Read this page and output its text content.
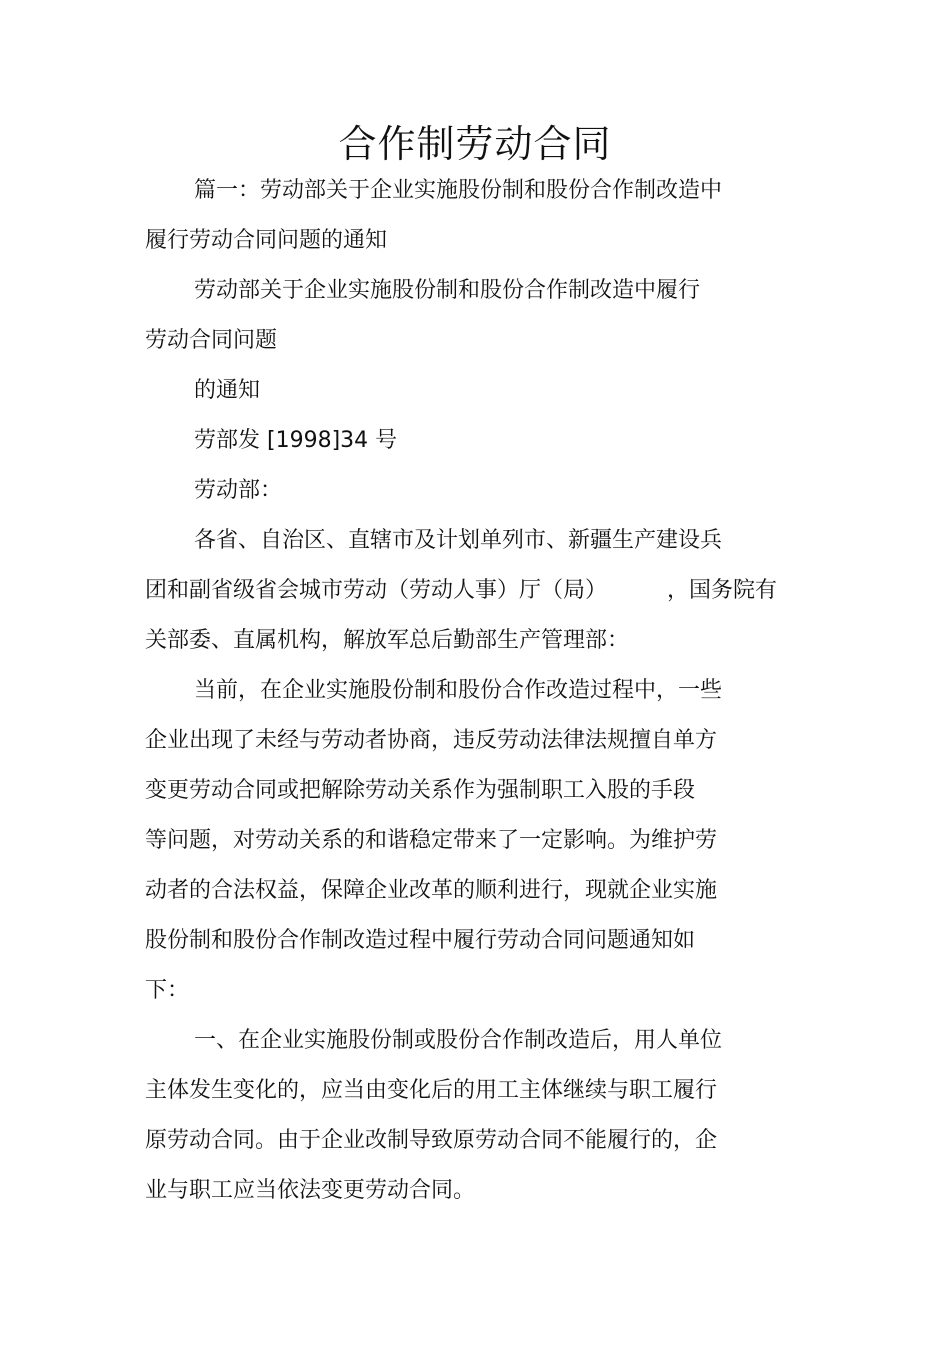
合作制劳动合同
篇一：劳动部关于企业实施股份制和股份合作制改造中
履行劳动合同问题的通知
劳动部关于企业实施股份制和股份合作制改造中履行
劳动合同问题
的通知
劳部发 [1998]34 号
劳动部：
各省、自治区、直辖市及计划单列市、新疆生产建设兵
团和副省级省会城市劳动（劳动人事）厅（局）	，国务院有
关部委、直属机构，解放军总后勤部生产管理部：
当前，在企业实施股份制和股份合作改造过程中，一些
企业出现了未经与劳动者协商，违反劳动法律法规擅自单方
变更劳动合同或把解除劳动关系作为强制职工入股的手段
等问题，对劳动关系的和谐稳定带来了一定影响。为维护劳
动者的合法权益，保障企业改革的顺利进行，现就企业实施
股份制和股份合作制改造过程中履行劳动合同问题通知如
下：
一、在企业实施股份制或股份合作制改造后，用人单位
主体发生变化的，应当由变化后的用工主体继续与职工履行
原劳动合同。由于企业改制导致原劳动合同不能履行的，企
业与职工应当依法变更劳动合同。
